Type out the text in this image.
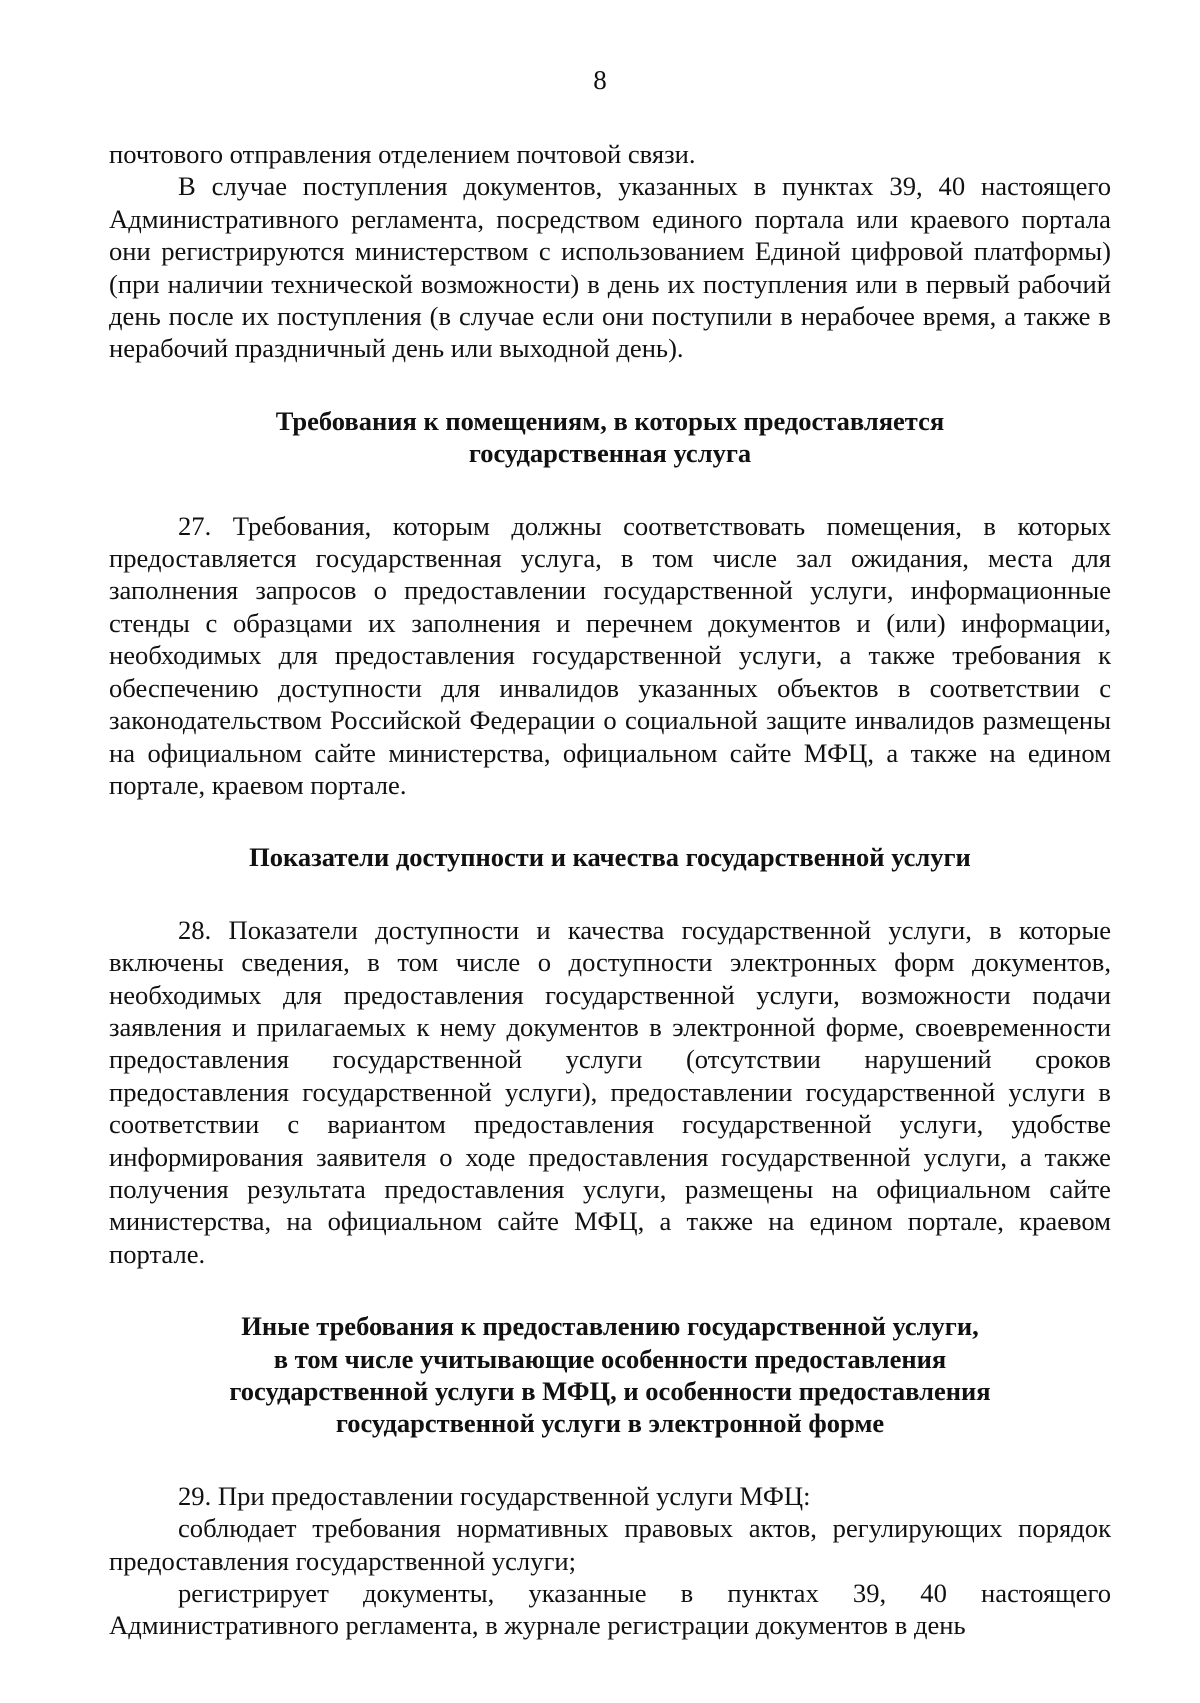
8

почтового отправления отделением почтовой связи.

В случае поступления документов, указанных в пунктах 39, 40 настоящего Административного регламента, посредством единого портала или краевого портала они регистрируются министерством с использованием Единой цифровой платформы) (при наличии технической возможности) в день их поступления или в первый рабочий день после их поступления (в случае если они поступили в нерабочее время, а также в нерабочий праздничный день или выходной день).

Требования к помещениям, в которых предоставляется
государственная услуга

27. Требования, которым должны соответствовать помещения, в которых предоставляется государственная услуга, в том числе зал ожидания, места для заполнения запросов о предоставлении государственной услуги, информационные стенды с образцами их заполнения и перечнем документов и (или) информации, необходимых для предоставления государственной услуги, а также требования к обеспечению доступности для инвалидов указанных объектов в соответствии с законодательством Российской Федерации о социальной защите инвалидов размещены на официальном сайте министерства, официальном сайте МФЦ, а также на едином портале, краевом портале.

Показатели доступности и качества государственной услуги

28. Показатели доступности и качества государственной услуги, в которые включены сведения, в том числе о доступности электронных форм документов, необходимых для предоставления государственной услуги, возможности подачи заявления и прилагаемых к нему документов в электронной форме, своевременности предоставления государственной услуги (отсутствии нарушений сроков предоставления государственной услуги), предоставлении государственной услуги в соответствии с вариантом предоставления государственной услуги, удобстве информирования заявителя о ходе предоставления государственной услуги, а также получения результата предоставления услуги, размещены на официальном сайте министерства, на официальном сайте МФЦ, а также на едином портале, краевом портале.

Иные требования к предоставлению государственной услуги,
в том числе учитывающие особенности предоставления
государственной услуги в МФЦ, и особенности предоставления
государственной услуги в электронной форме

29. При предоставлении государственной услуги МФЦ:

соблюдает требования нормативных правовых актов, регулирующих порядок предоставления государственной услуги;

регистрирует документы, указанные в пунктах 39, 40 настоящего Административного регламента, в журнале регистрации документов в день
